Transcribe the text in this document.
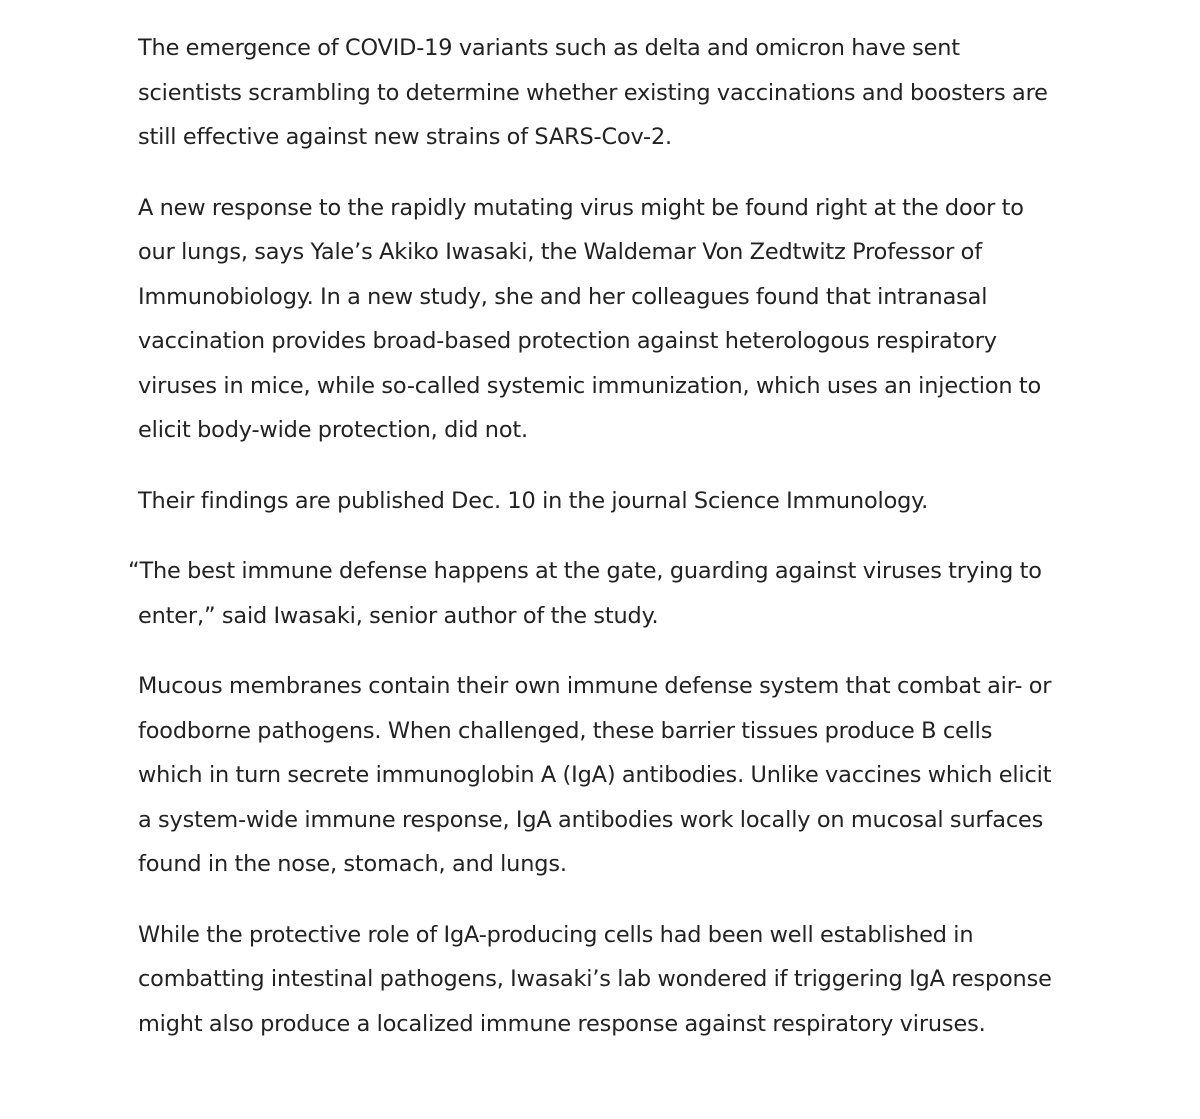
The emergence of COVID-19 variants such as delta and omicron have sent scientists scrambling to determine whether existing vaccinations and boosters are still effective against new strains of SARS-Cov-2.

A new response to the rapidly mutating virus might be found right at the door to our lungs, says Yale’s Akiko Iwasaki, the Waldemar Von Zedtwitz Professor of Immunobiology. In a new study, she and her colleagues found that intranasal vaccination provides broad-based protection against heterologous respiratory viruses in mice, while so-called systemic immunization, which uses an injection to elicit body-wide protection, did not.

Their findings are published Dec. 10 in the journal Science Immunology.

“The best immune defense happens at the gate, guarding against viruses trying to enter,” said Iwasaki, senior author of the study.

Mucous membranes contain their own immune defense system that combat air- or foodborne pathogens. When challenged, these barrier tissues produce B cells which in turn secrete immunoglobin A (IgA) antibodies. Unlike vaccines which elicit a system-wide immune response, IgA antibodies work locally on mucosal surfaces found in the nose, stomach, and lungs.

While the protective role of IgA-producing cells had been well established in combatting intestinal pathogens, Iwasaki’s lab wondered if triggering IgA response might also produce a localized immune response against respiratory viruses.
